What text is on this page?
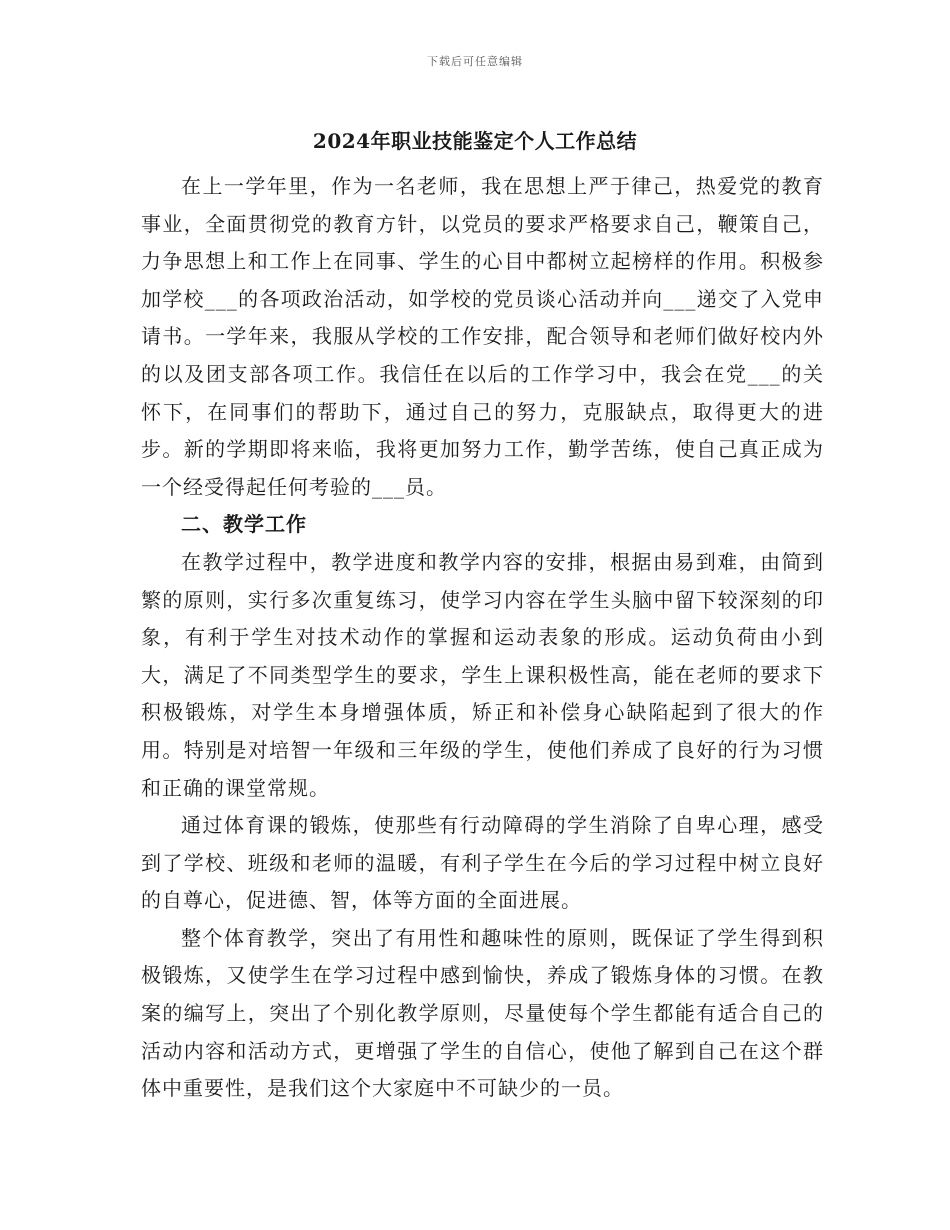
下载后可任意编辑
2024年职业技能鉴定个人工作总结

在上一学年里，作为一名老师，我在思想上严于律己，热爱党的教育事业，全面贯彻党的教育方针，以党员的要求严格要求自己，鞭策自己，力争思想上和工作上在同事、学生的心目中都树立起榜样的作用。积极参加学校___的各项政治活动，如学校的党员谈心活动并向___递交了入党申请书。一学年来，我服从学校的工作安排，配合领导和老师们做好校内外的以及团支部各项工作。我信任在以后的工作学习中，我会在党___的关怀下，在同事们的帮助下，通过自己的努力，克服缺点，取得更大的进步。新的学期即将来临，我将更加努力工作，勤学苦练，使自己真正成为一个经受得起任何考验的___员。

二、教学工作

在教学过程中，教学进度和教学内容的安排，根据由易到难，由简到繁的原则，实行多次重复练习，使学习内容在学生头脑中留下较深刻的印象，有利于学生对技术动作的掌握和运动表象的形成。运动负荷由小到大，满足了不同类型学生的要求，学生上课积极性高，能在老师的要求下积极锻炼，对学生本身增强体质，矫正和补偿身心缺陷起到了很大的作用。特别是对培智一年级和三年级的学生，使他们养成了良好的行为习惯和正确的课堂常规。

通过体育课的锻炼，使那些有行动障碍的学生消除了自卑心理，感受到了学校、班级和老师的温暖，有利子学生在今后的学习过程中树立良好的自尊心，促进德、智，体等方面的全面进展。

整个体育教学，突出了有用性和趣味性的原则，既保证了学生得到积极锻炼，又使学生在学习过程中感到愉快，养成了锻炼身体的习惯。在教案的编写上，突出了个别化教学原则，尽量使每个学生都能有适合自己的活动内容和活动方式，更增强了学生的自信心，使他了解到自己在这个群体中重要性，是我们这个大家庭中不可缺少的一员。
